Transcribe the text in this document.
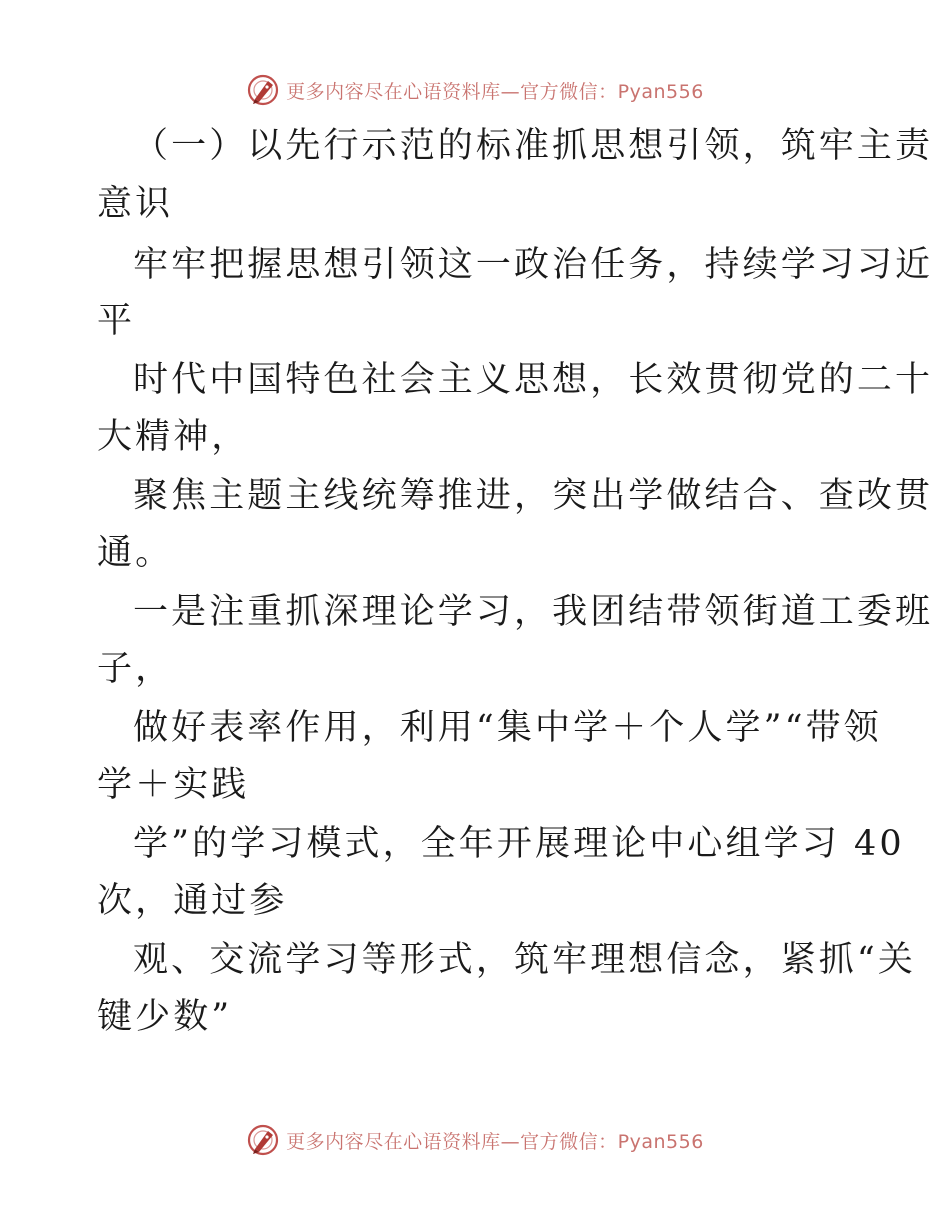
更多内容尽在心语资料库—官方微信：Pyan556
（一）以先行示范的标准抓思想引领，筑牢主责
意识
牢牢把握思想引领这一政治任务，持续学习习近
平
时代中国特色社会主义思想，长效贯彻党的二十
大精神，
聚焦主题主线统筹推进，突出学做结合、查改贯
通。
一是注重抓深理论学习，我团结带领街道工委班
子，
做好表率作用，利用“集中学＋个人学”“带领
学＋实践
学”的学习模式，全年开展理论中心组学习 40
次，通过参
观、交流学习等形式，筑牢理想信念，紧抓“关
键少数”
更多内容尽在心语资料库—官方微信：Pyan556
